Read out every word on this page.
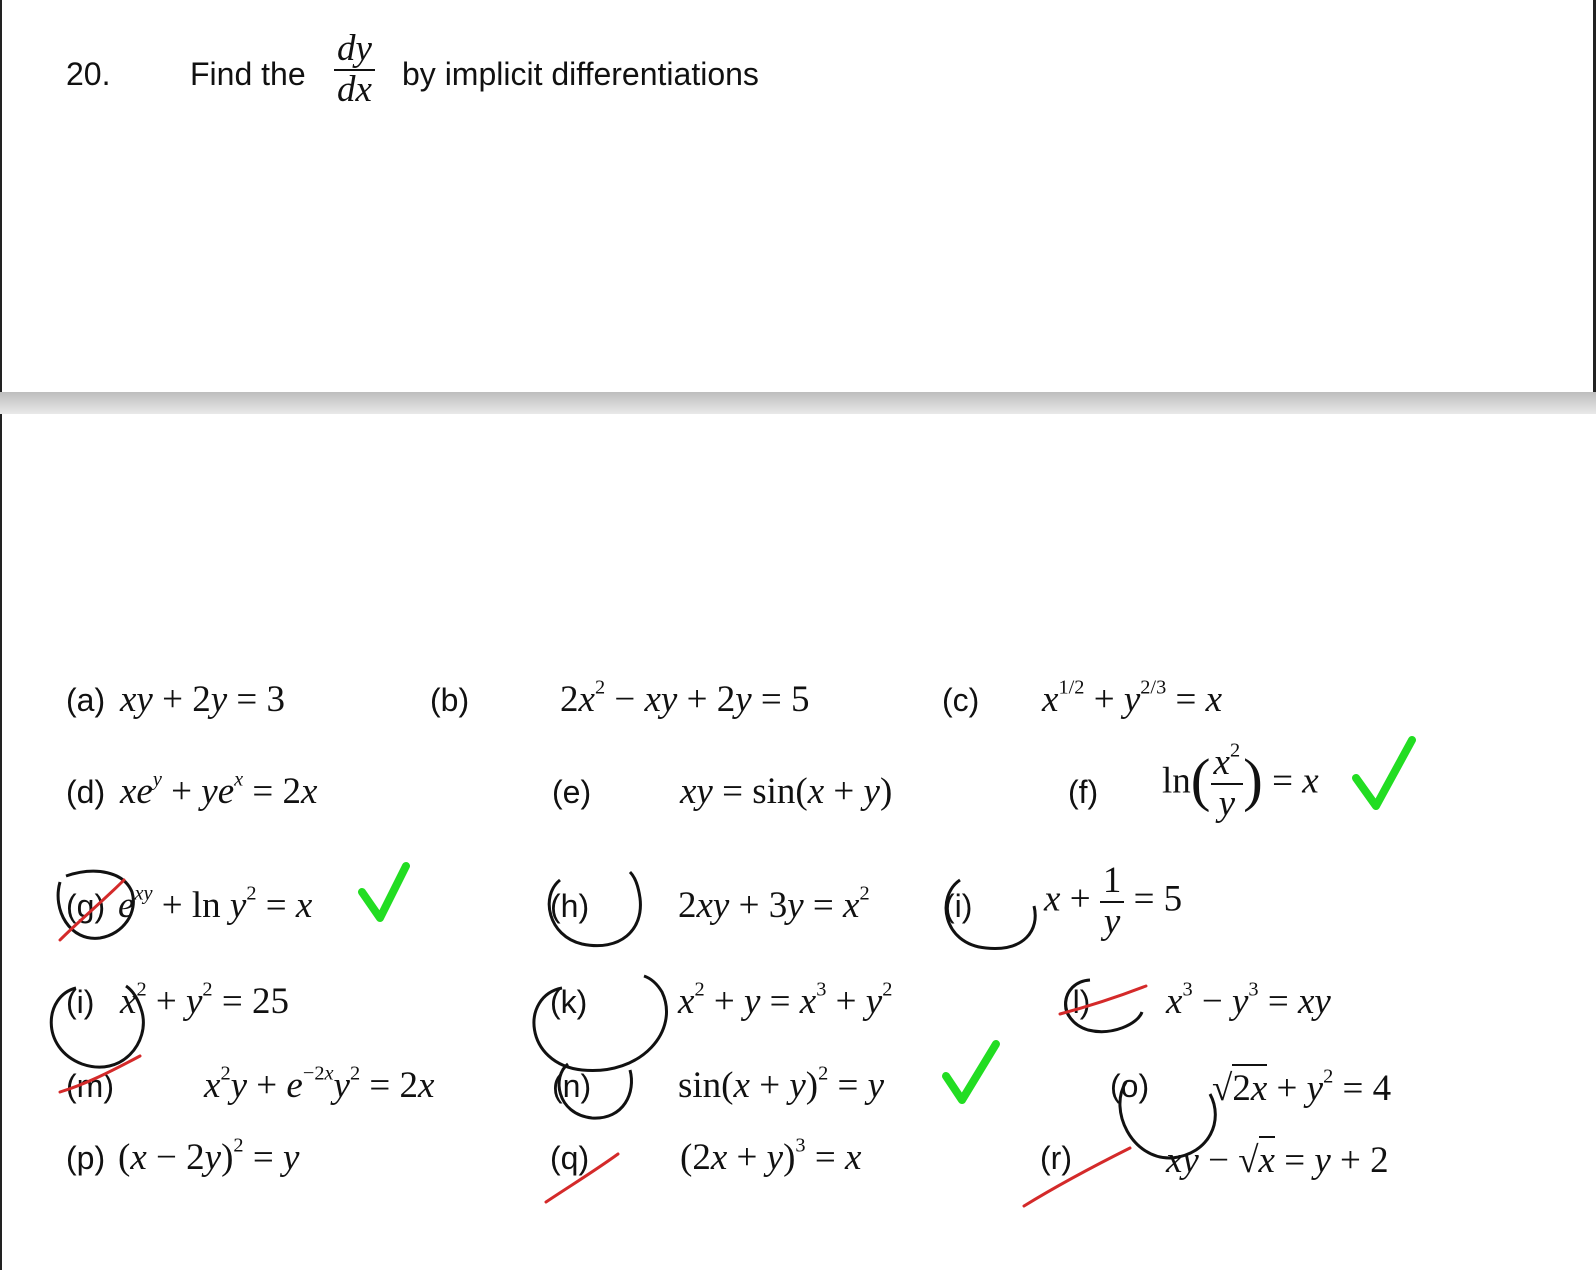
20. Find the $\frac{dy}{dx}$ by implicit differentiations
(a) xy + 2y = 3	(b) $2x^2$ − xy + 2y = 5	(c) $x^{1/2} + y^{2/3} = x$
(d) $xe^y + ye^x = 2x$	(e) xy = sin(x + y)	(f) $\ln( \frac{x^2}{y}$ ) = x
(g) $e^{xy} + \ln y^2 = x$	(h) $2xy + 3y = x^2$ (i) $x + \frac{1}{y} = 5$
(i) $x^2 + y^2 = 25$	(k) $x^2 + y = x^3 + y^2$	(l) $x^3 - y^3$ = xy
(m) $x^2y + e^{-2x}y^2 = 2x$	(n) $\sin(x + y)^2 = y$	(o) $√2x + y^2 = 4$
(p) $(x - 2y)^2 = y$	(q) $(2x + y)^3 = x$	(r)	xy − √x = y + 2
